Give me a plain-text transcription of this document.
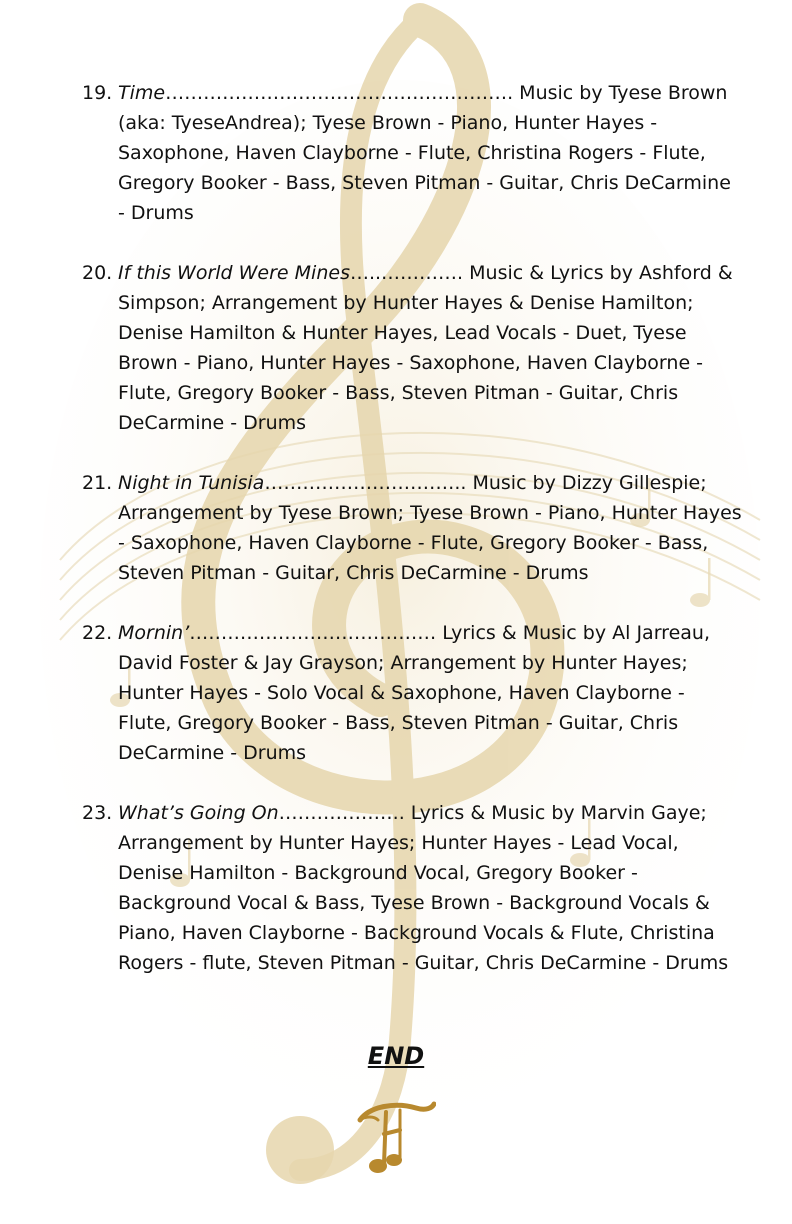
19. Time………………………………………………. Music by Tyese Brown (aka: TyeseAndrea); Tyese Brown - Piano, Hunter Hayes - Saxophone, Haven Clayborne - Flute, Christina Rogers - Flute, Gregory Booker - Bass, Steven Pitman - Guitar, Chris DeCarmine - Drums
20. If this World Were Mines…..…………. Music & Lyrics by Ashford & Simpson; Arrangement by Hunter Hayes & Denise Hamilton; Denise Hamilton & Hunter Hayes, Lead Vocals - Duet, Tyese Brown - Piano, Hunter Hayes - Saxophone, Haven Clayborne - Flute, Gregory Booker - Bass, Steven Pitman - Guitar, Chris DeCarmine - Drums
21. Night in Tunisia………………………….. Music by Dizzy Gillespie; Arrangement by Tyese Brown; Tyese Brown - Piano, Hunter Hayes - Saxophone, Haven Clayborne - Flute, Gregory Booker - Bass, Steven Pitman - Guitar, Chris DeCarmine - Drums
22. Mornin’………………………………… Lyrics & Music by Al Jarreau, David Foster & Jay Grayson; Arrangement by Hunter Hayes; Hunter Hayes - Solo Vocal & Saxophone, Haven Clayborne - Flute, Gregory Booker - Bass, Steven Pitman - Guitar, Chris DeCarmine - Drums
23. What’s Going On……………….. Lyrics & Music by Marvin Gaye; Arrangement by Hunter Hayes; Hunter Hayes - Lead Vocal, Denise Hamilton - Background Vocal, Gregory Booker - Background Vocal & Bass, Tyese Brown - Background Vocals & Piano, Haven Clayborne - Background Vocals & Flute, Christina Rogers - flute, Steven Pitman - Guitar, Chris DeCarmine - Drums
END
